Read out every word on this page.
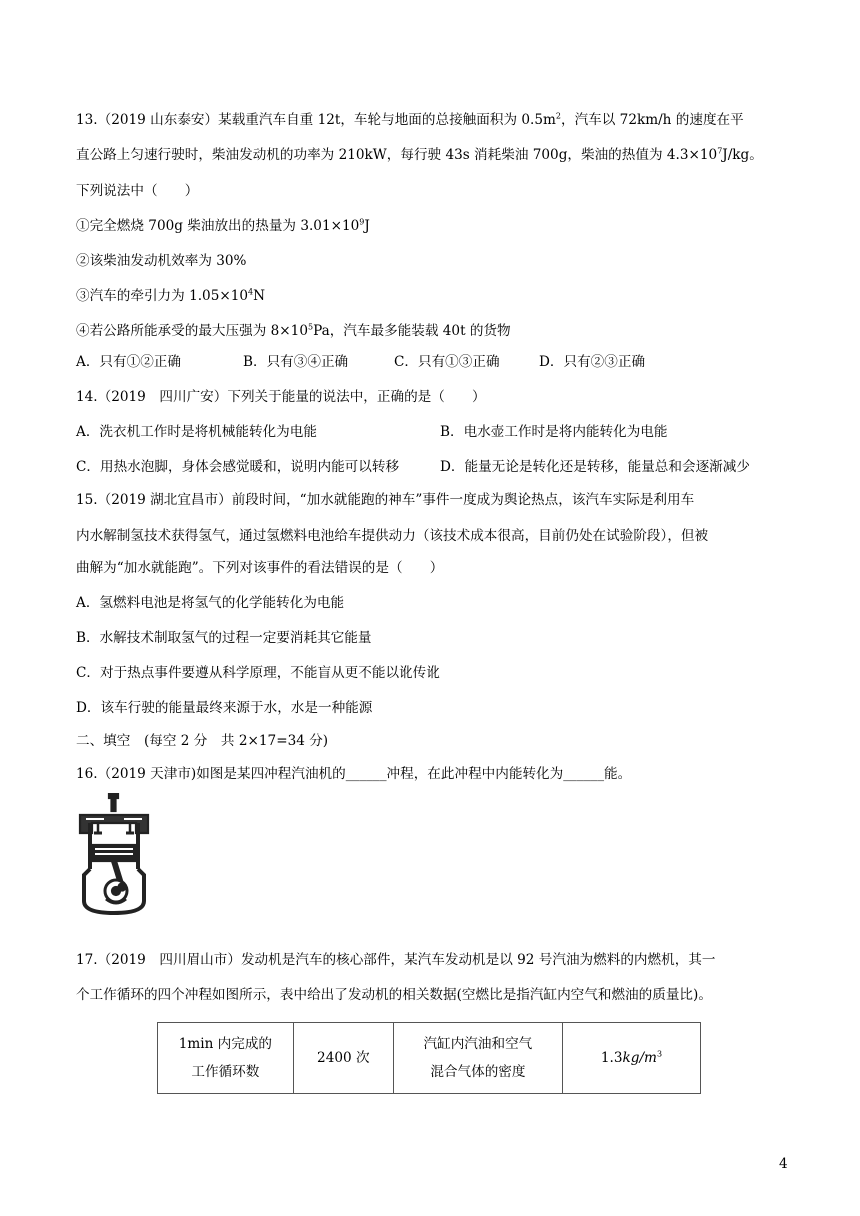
13.（2019 山东泰安）某载重汽车自重 12t，车轮与地面的总接触面积为 $0.5m^2$，汽车以 72km/h 的速度在平
直公路上匀速行驶时，柴油发动机的功率为 210kW，每行驶 43s 消耗柴油 700g，柴油的热值为 $4.3\times 10^7J/kg$。
下列说法中（　　）
①完全燃烧 700g 柴油放出的热量为 $3.01\times 10^9J$
②该柴油发动机效率为 30%
③汽车的牵引力为 $1.05\times 10^4N$
④若公路所能承受的最大压强为 $8\times 10^5Pa$，汽车最多能装载 40t 的货物
A．只有①②正确	B．只有③④正确	C．只有①③正确	D．只有②③正确
14.（2019　四川广安）下列关于能量的说法中，正确的是（　　）
A．洗衣机工作时是将机械能转化为电能	B．电水壶工作时是将内能转化为电能
C．用热水泡脚，身体会感觉暖和，说明内能可以转移	D．能量无论是转化还是转移，能量总和会逐渐减少
15.（2019 湖北宜昌市）前段时间，“加水就能跑的神车”事件一度成为舆论热点，该汽车实际是利用车
内水解制氢技术获得氢气，通过氢燃料电池给车提供动力（该技术成本很高，目前仍处在试验阶段），但被
曲解为“加水就能跑”。下列对该事件的看法错误的是（　　）
A．氢燃料电池是将氢气的化学能转化为电能
B．水解技术制取氢气的过程一定要消耗其它能量
C．对于热点事件要遵从科学原理，不能盲从更不能以讹传讹
D．该车行驶的能量最终来源于水，水是一种能源
二、填空　(每空 2 分　共 2×17=34 分)
16.（2019 天津市)如图是某四冲程汽油机的______冲程，在此冲程中内能转化为______能。
17.（2019　四川眉山市）发动机是汽车的核心部件，某汽车发动机是以 92 号汽油为燃料的内燃机，其一
个工作循环的四个冲程如图所示，表中给出了发动机的相关数据(空燃比是指汽缸内空气和燃油的质量比)。
1min 内完成的
工作循环数
	2400 次	
汽缸内汽油和空气
混合气体的密度
	$1.3kg/m^3$
4
